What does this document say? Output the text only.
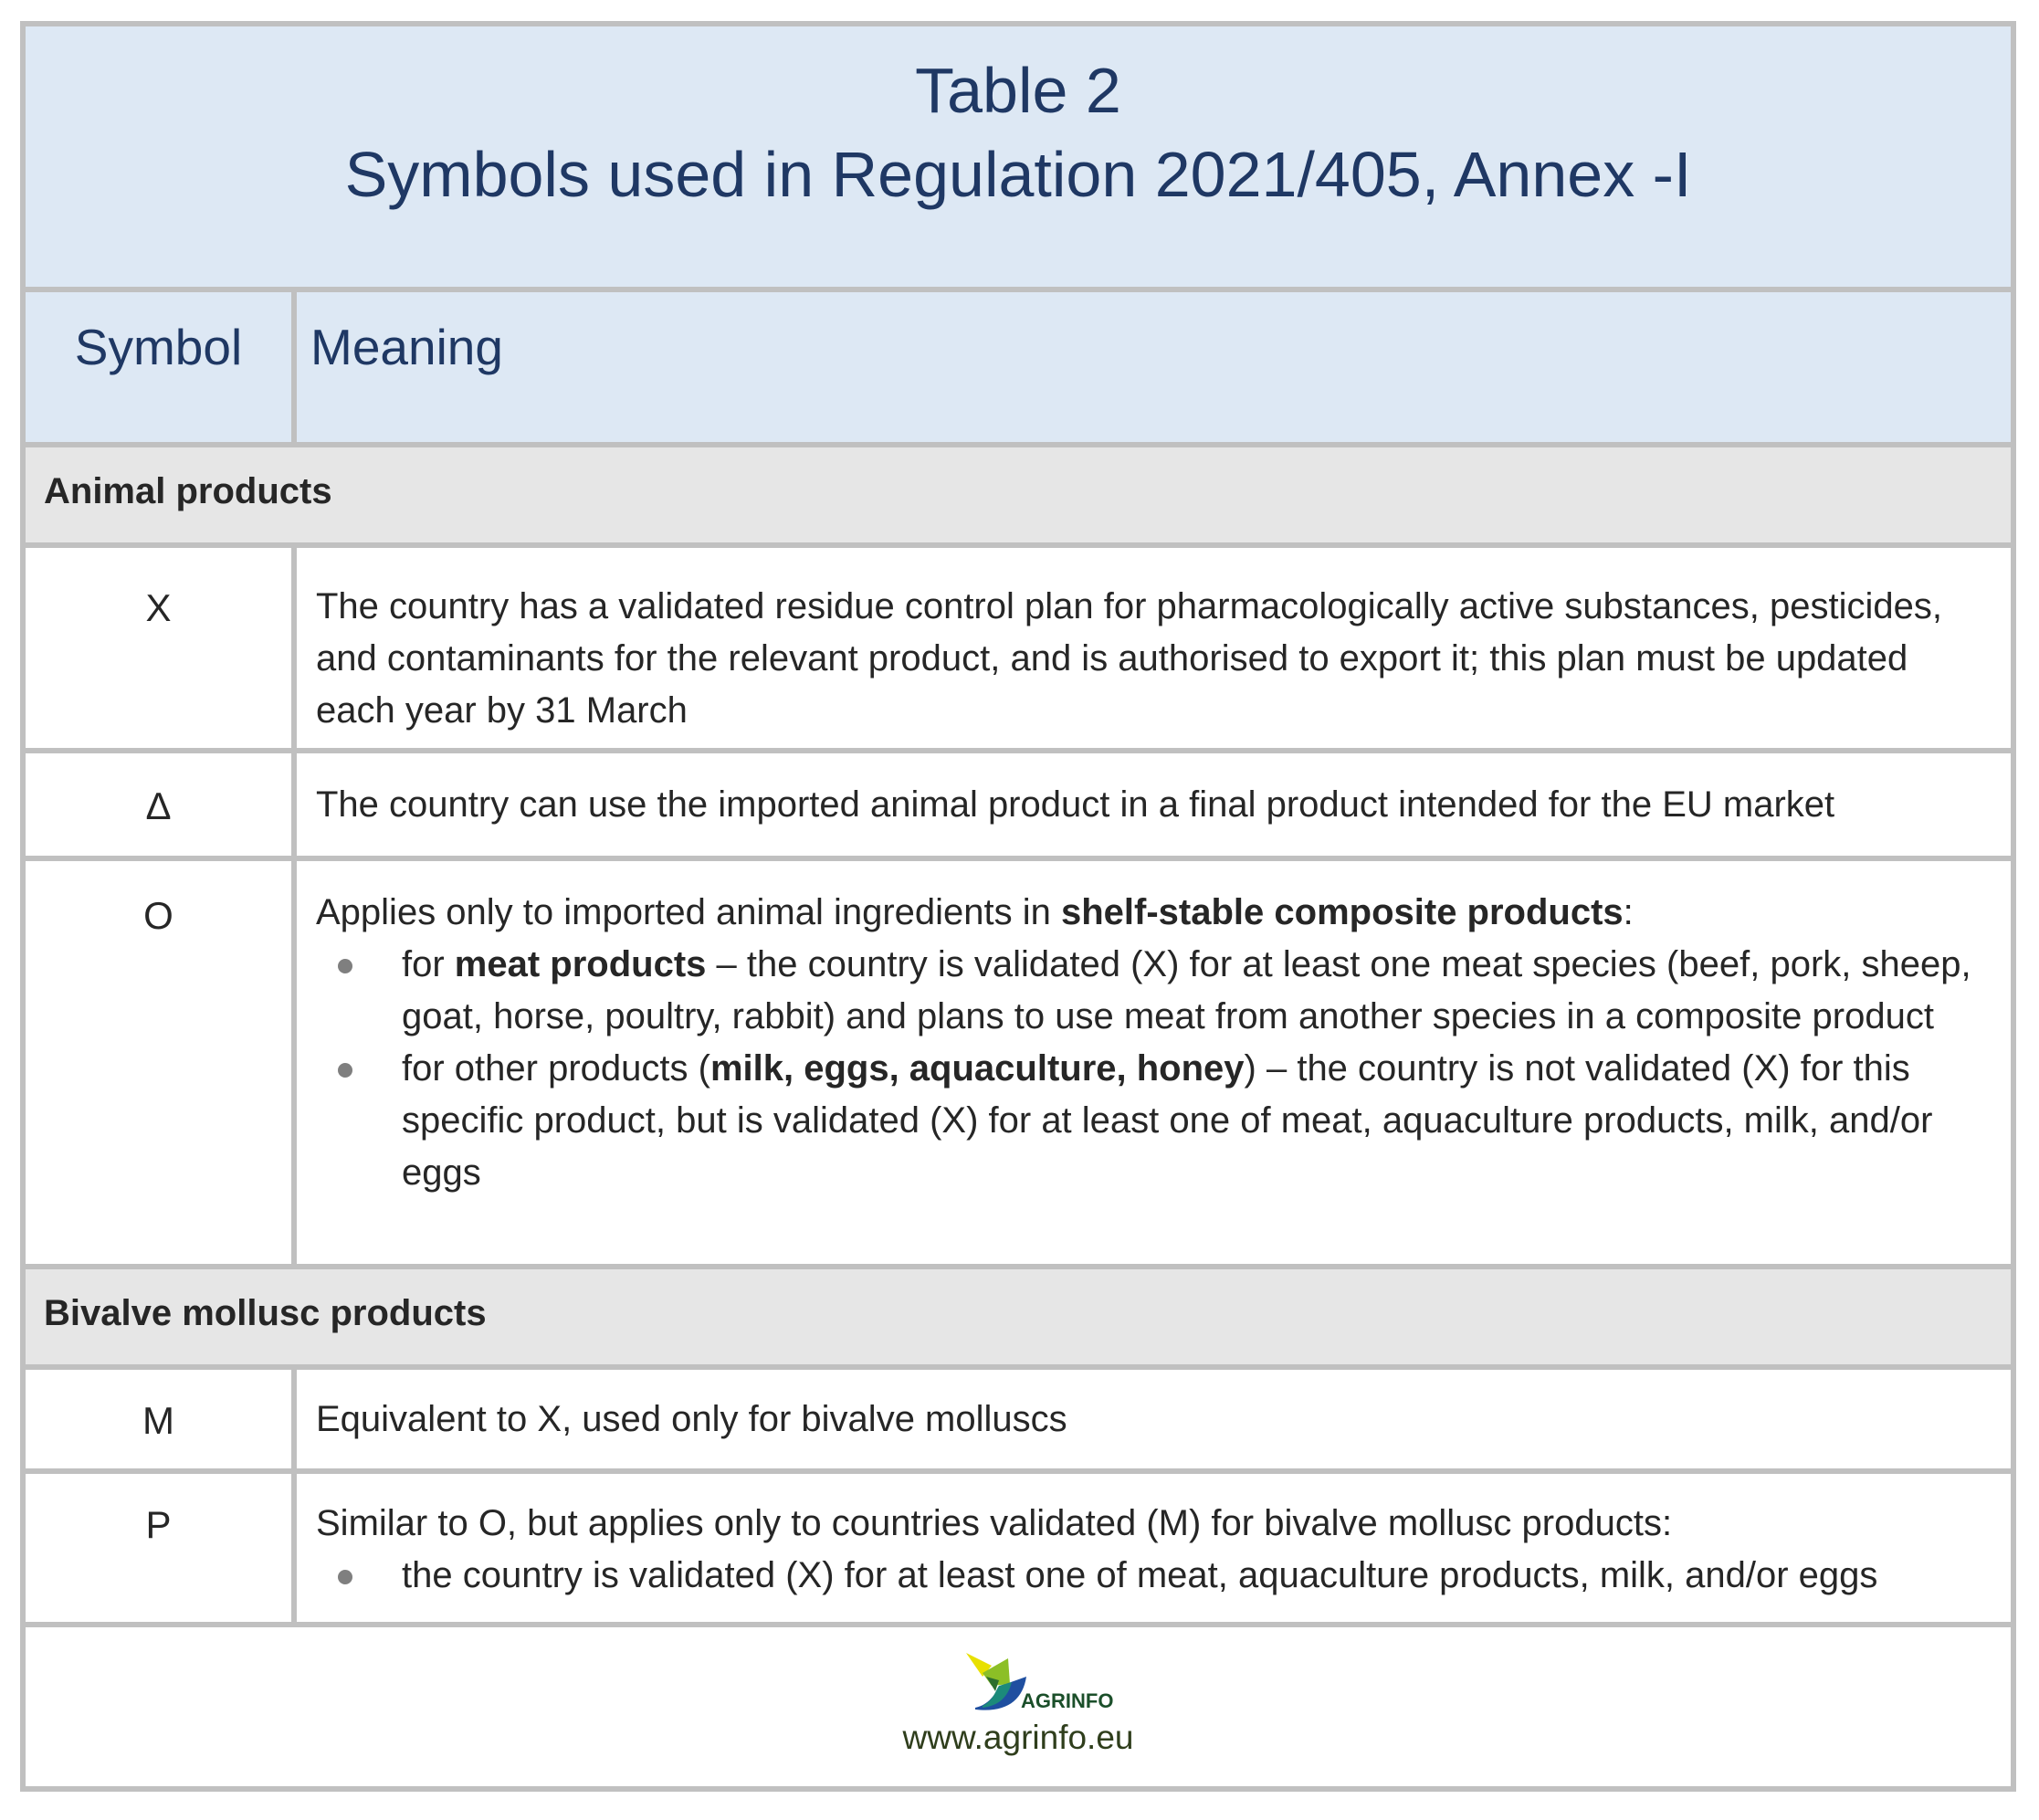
Table 2
Symbols used in Regulation 2021/405, Annex -I
Symbol	Meaning
Animal products
X	The country has a validated residue control plan for pharmacologically active substances, pesticides, and contaminants for the relevant product, and is authorised to export it; this plan must be updated each year by 31 March
Δ	The country can use the imported animal product in a final product intended for the EU market
O	Applies only to imported animal ingredients in shelf-stable composite products:
for meat products – the country is validated (X) for at least one meat species (beef, pork, sheep, goat, horse, poultry, rabbit) and plans to use meat from another species in a composite product
for other products (milk, eggs, aquaculture, honey) – the country is not validated (X) for this specific product, but is validated (X) for at least one of meat, aquaculture products, milk, and/or eggs
Bivalve mollusc products
M	Equivalent to X, used only for bivalve molluscs
P	Similar to O, but applies only to countries validated (M) for bivalve mollusc products:
the country is validated (X) for at least one of meat, aquaculture products, milk, and/or eggs
AGRINFO
www.agrinfo.eu
